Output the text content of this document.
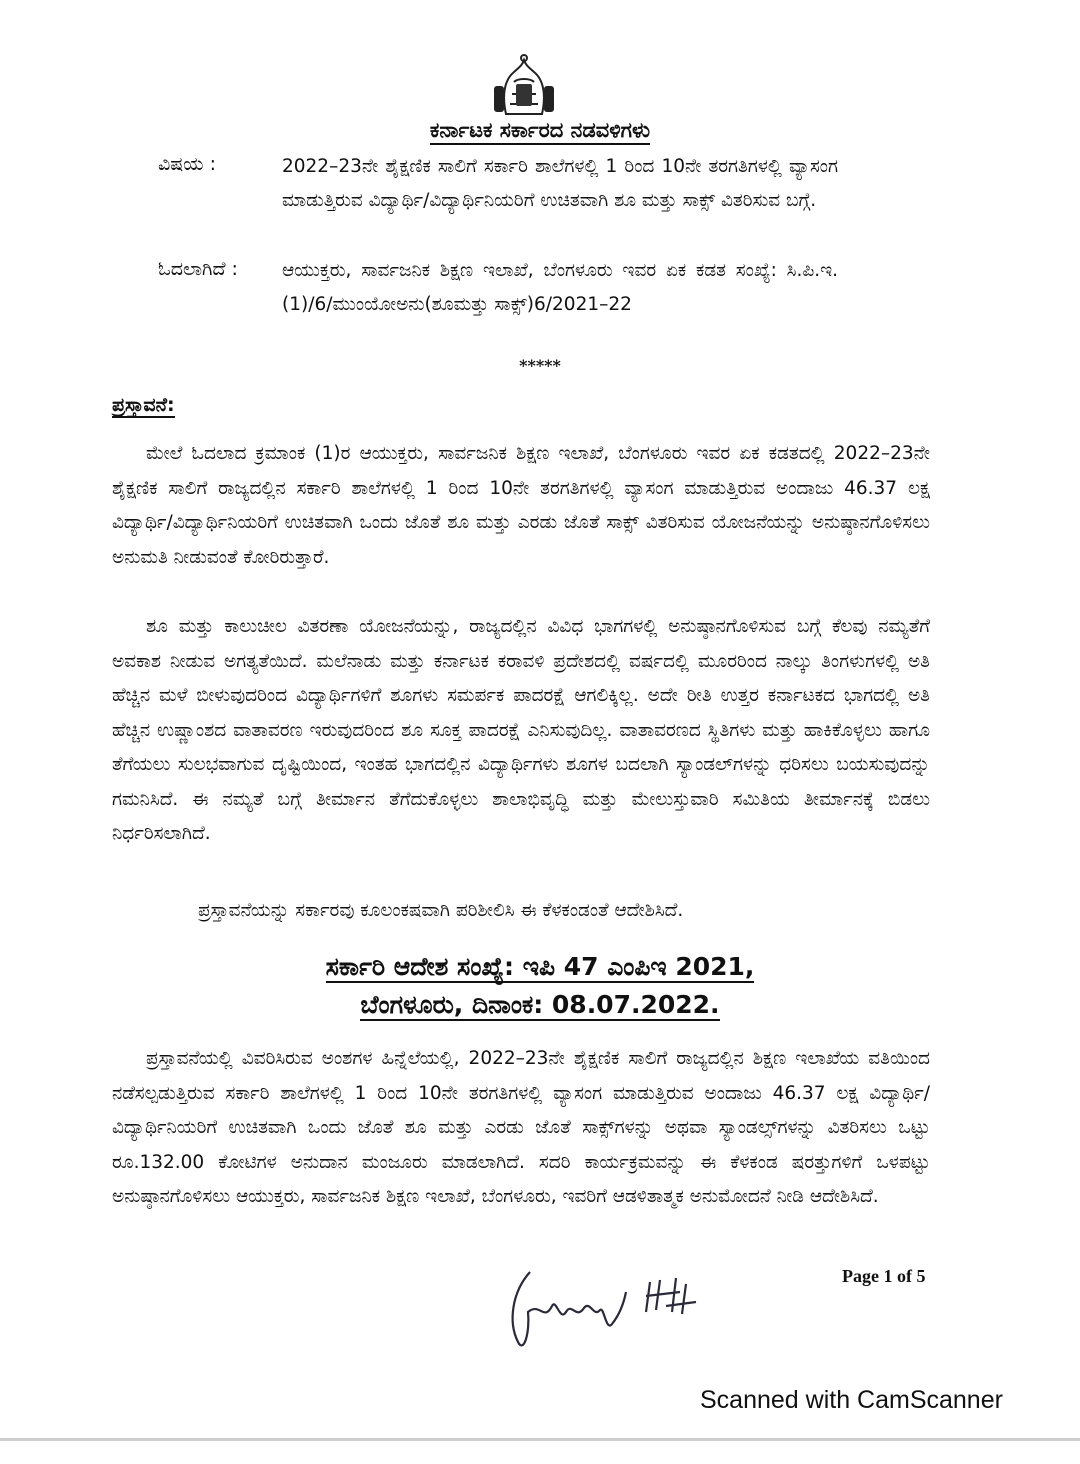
ಕರ್ನಾಟಕ ಸರ್ಕಾರದ ನಡವಳಿಗಳು
ವಿಷಯ :	2022–23ನೇ ಶೈಕ್ಷಣಿಕ ಸಾಲಿಗೆ ಸರ್ಕಾರಿ ಶಾಲೆಗಳಲ್ಲಿ 1 ರಿಂದ 10ನೇ ತರಗತಿಗಳಲ್ಲಿ ವ್ಯಾಸಂಗ ಮಾಡುತ್ತಿರುವ ವಿದ್ಯಾರ್ಥಿ/ವಿದ್ಯಾರ್ಥಿನಿಯರಿಗೆ ಉಚಿತವಾಗಿ ಶೂ ಮತ್ತು ಸಾಕ್ಸ್ ವಿತರಿಸುವ ಬಗ್ಗೆ.
ಓದಲಾಗಿದೆ :	ಆಯುಕ್ತರು, ಸಾರ್ವಜನಿಕ ಶಿಕ್ಷಣ ಇಲಾಖೆ, ಬೆಂಗಳೂರು ಇವರ ಏಕ ಕಡತ ಸಂಖ್ಯೆ: ಸಿ.ಪಿ.ಇ.(1)/6/ಮುಂಯೋಅನು(ಶೂಮತ್ತು ಸಾಕ್ಸ್)6/2021–22
*****
ಪ್ರಸ್ತಾವನೆ:
ಮೇಲೆ ಓದಲಾದ ಕ್ರಮಾಂಕ (1)ರ ಆಯುಕ್ತರು, ಸಾರ್ವಜನಿಕ ಶಿಕ್ಷಣ ಇಲಾಖೆ, ಬೆಂಗಳೂರು ಇವರ ಏಕ ಕಡತದಲ್ಲಿ 2022–23ನೇ ಶೈಕ್ಷಣಿಕ ಸಾಲಿಗೆ ರಾಜ್ಯದಲ್ಲಿನ ಸರ್ಕಾರಿ ಶಾಲೆಗಳಲ್ಲಿ 1 ರಿಂದ 10ನೇ ತರಗತಿಗಳಲ್ಲಿ ವ್ಯಾಸಂಗ ಮಾಡುತ್ತಿರುವ ಅಂದಾಜು 46.37 ಲಕ್ಷ ವಿದ್ಯಾರ್ಥಿ/ವಿದ್ಯಾರ್ಥಿನಿಯರಿಗೆ ಉಚಿತವಾಗಿ ಒಂದು ಜೊತೆ ಶೂ ಮತ್ತು ಎರಡು ಜೊತೆ ಸಾಕ್ಸ್ ವಿತರಿಸುವ ಯೋಜನೆಯನ್ನು ಅನುಷ್ಠಾನಗೊಳಿಸಲು ಅನುಮತಿ ನೀಡುವಂತೆ ಕೋರಿರುತ್ತಾರೆ.
ಶೂ ಮತ್ತು ಕಾಲುಚೀಲ ವಿತರಣಾ ಯೋಜನೆಯನ್ನು, ರಾಜ್ಯದಲ್ಲಿನ ವಿವಿಧ ಭಾಗಗಳಲ್ಲಿ ಅನುಷ್ಠಾನಗೊಳಿಸುವ ಬಗ್ಗೆ ಕೆಲವು ನಮ್ಯತೆಗೆ ಅವಕಾಶ ನೀಡುವ ಅಗತ್ಯತೆಯಿದೆ. ಮಲೆನಾಡು ಮತ್ತು ಕರ್ನಾಟಕ ಕರಾವಳಿ ಪ್ರದೇಶದಲ್ಲಿ ವರ್ಷದಲ್ಲಿ ಮೂರರಿಂದ ನಾಲ್ಕು ತಿಂಗಳುಗಳಲ್ಲಿ ಅತಿ ಹೆಚ್ಚಿನ ಮಳೆ ಬೀಳುವುದರಿಂದ ವಿದ್ಯಾರ್ಥಿಗಳಿಗೆ ಶೂಗಳು ಸಮರ್ಪಕ ಪಾದರಕ್ಷೆ ಆಗಲಿಕ್ಕಿಲ್ಲ. ಅದೇ ರೀತಿ ಉತ್ತರ ಕರ್ನಾಟಕದ ಭಾಗದಲ್ಲಿ ಅತಿ ಹೆಚ್ಚಿನ ಉಷ್ಣಾಂಶದ ವಾತಾವರಣ ಇರುವುದರಿಂದ ಶೂ ಸೂಕ್ತ ಪಾದರಕ್ಷೆ ಎನಿಸುವುದಿಲ್ಲ. ವಾತಾವರಣದ ಸ್ಥಿತಿಗಳು ಮತ್ತು ಹಾಕಿಕೊಳ್ಳಲು ಹಾಗೂ ತೆಗೆಯಲು ಸುಲಭವಾಗುವ ದೃಷ್ಟಿಯಿಂದ, ಇಂತಹ ಭಾಗದಲ್ಲಿನ ವಿದ್ಯಾರ್ಥಿಗಳು ಶೂಗಳ ಬದಲಾಗಿ ಸ್ಯಾಂಡಲ್‌ಗಳನ್ನು ಧರಿಸಲು ಬಯಸುವುದನ್ನು ಗಮನಿಸಿದೆ. ಈ ನಮ್ಯತೆ ಬಗ್ಗೆ ತೀರ್ಮಾನ ತೆಗೆದುಕೊಳ್ಳಲು ಶಾಲಾಭಿವೃದ್ಧಿ ಮತ್ತು ಮೇಲುಸ್ತುವಾರಿ ಸಮಿತಿಯ ತೀರ್ಮಾನಕ್ಕೆ ಬಿಡಲು ನಿರ್ಧರಿಸಲಾಗಿದೆ.
ಪ್ರಸ್ತಾವನೆಯನ್ನು ಸರ್ಕಾರವು ಕೂಲಂಕಷವಾಗಿ ಪರಿಶೀಲಿಸಿ ಈ ಕೆಳಕಂಡಂತೆ ಆದೇಶಿಸಿದೆ.
ಸರ್ಕಾರಿ ಆದೇಶ ಸಂಖ್ಯೆ: ಇಪಿ 47 ಎಂಪಿಇ 2021,
ಬೆಂಗಳೂರು, ದಿನಾಂಕ: 08.07.2022.
ಪ್ರಸ್ತಾವನೆಯಲ್ಲಿ ವಿವರಿಸಿರುವ ಅಂಶಗಳ ಹಿನ್ನೆಲೆಯಲ್ಲಿ, 2022–23ನೇ ಶೈಕ್ಷಣಿಕ ಸಾಲಿಗೆ ರಾಜ್ಯದಲ್ಲಿನ ಶಿಕ್ಷಣ ಇಲಾಖೆಯ ವತಿಯಿಂದ ನಡೆಸಲ್ಪಡುತ್ತಿರುವ ಸರ್ಕಾರಿ ಶಾಲೆಗಳಲ್ಲಿ 1 ರಿಂದ 10ನೇ ತರಗತಿಗಳಲ್ಲಿ ವ್ಯಾಸಂಗ ಮಾಡುತ್ತಿರುವ ಅಂದಾಜು 46.37 ಲಕ್ಷ ವಿದ್ಯಾರ್ಥಿ/ವಿದ್ಯಾರ್ಥಿನಿಯರಿಗೆ ಉಚಿತವಾಗಿ ಒಂದು ಜೊತೆ ಶೂ ಮತ್ತು ಎರಡು ಜೊತೆ ಸಾಕ್ಸ್‌ಗಳನ್ನು ಅಥವಾ ಸ್ಯಾಂಡಲ್ಸ್‌ಗಳನ್ನು ವಿತರಿಸಲು ಒಟ್ಟು ರೂ.132.00 ಕೋಟಿಗಳ ಅನುದಾನ ಮಂಜೂರು ಮಾಡಲಾಗಿದೆ. ಸದರಿ ಕಾರ್ಯಕ್ರಮವನ್ನು ಈ ಕೆಳಕಂಡ ಷರತ್ತುಗಳಿಗೆ ಒಳಪಟ್ಟು ಅನುಷ್ಠಾನಗೊಳಿಸಲು ಆಯುಕ್ತರು, ಸಾರ್ವಜನಿಕ ಶಿಕ್ಷಣ ಇಲಾಖೆ, ಬೆಂಗಳೂರು, ಇವರಿಗೆ ಆಡಳಿತಾತ್ಮಕ ಅನುಮೋದನೆ ನೀಡಿ ಆದೇಶಿಸಿದೆ.
Page 1 of 5
Scanned with CamScanner
